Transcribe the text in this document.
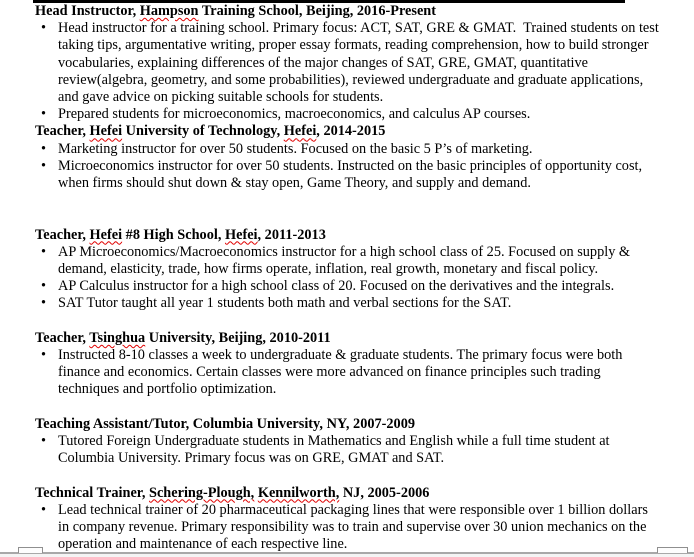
Head Instructor, Hampson Training School, Beijing, 2016-Present
• Head instructor for a training school. Primary focus: ACT, SAT, GRE & GMAT.  Trained students on test taking tips, argumentative writing, proper essay formats, reading comprehension, how to build stronger vocabularies, explaining differences of the major changes of SAT, GRE, GMAT, quantitative review(algebra, geometry, and some probabilities), reviewed undergraduate and graduate applications, and gave advice on picking suitable schools for students.
• Prepared students for microeconomics, macroeconomics, and calculus AP courses.
Teacher, Hefei University of Technology, Hefei, 2014-2015
• Marketing instructor for over 50 students. Focused on the basic 5 P’s of marketing.
• Microeconomics instructor for over 50 students. Instructed on the basic principles of opportunity cost, when firms should shut down & stay open, Game Theory, and supply and demand.
Teacher, Hefei #8 High School, Hefei, 2011-2013
• AP Microeconomics/Macroeconomics instructor for a high school class of 25. Focused on supply & demand, elasticity, trade, how firms operate, inflation, real growth, monetary and fiscal policy.
• AP Calculus instructor for a high school class of 20. Focused on the derivatives and the integrals.
• SAT Tutor taught all year 1 students both math and verbal sections for the SAT.
Teacher, Tsinghua University, Beijing, 2010-2011
• Instructed 8-10 classes a week to undergraduate & graduate students. The primary focus were both finance and economics. Certain classes were more advanced on finance principles such trading techniques and portfolio optimization.
Teaching Assistant/Tutor, Columbia University, NY, 2007-2009
• Tutored Foreign Undergraduate students in Mathematics and English while a full time student at Columbia University. Primary focus was on GRE, GMAT and SAT.
Technical Trainer, Schering-Plough, Kennilworth, NJ, 2005-2006
• Lead technical trainer of 20 pharmaceutical packaging lines that were responsible over 1 billion dollars in company revenue. Primary responsibility was to train and supervise over 30 union mechanics on the operation and maintenance of each respective line.
